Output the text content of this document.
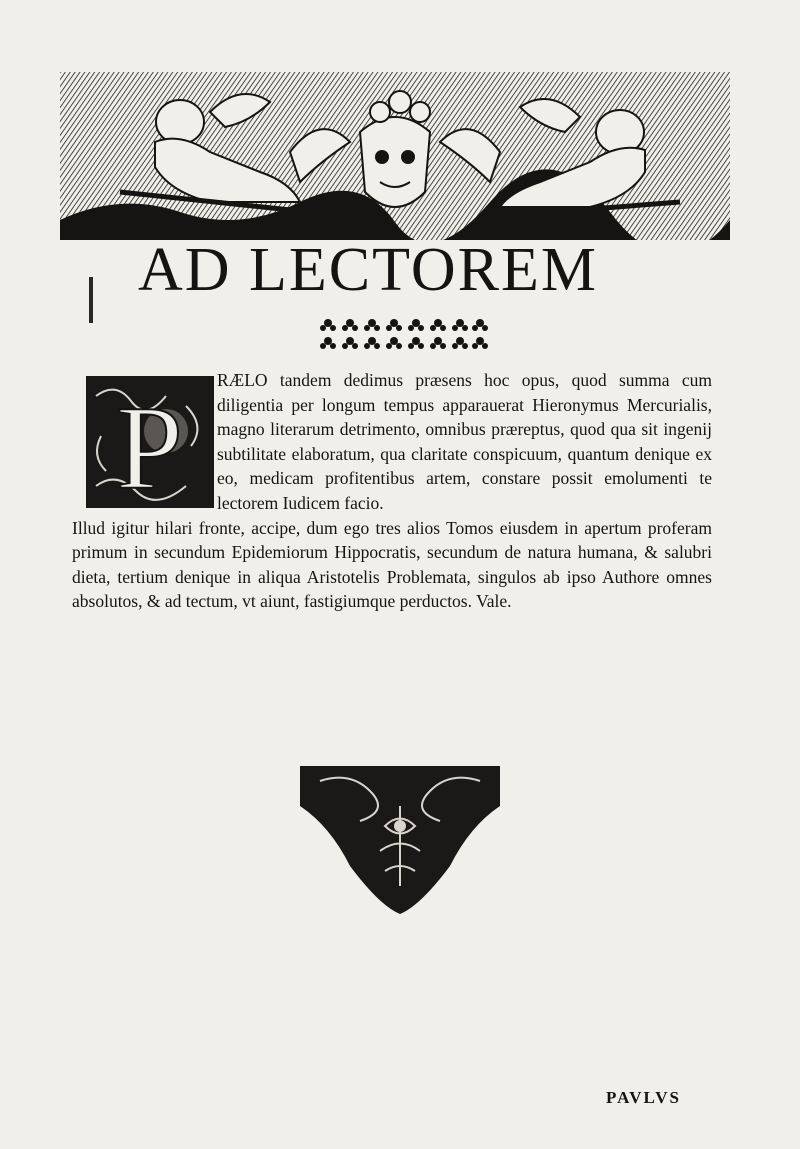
AD LECTOREM
P

RÆLO tandem dedimus præsens hoc opus, quod summa cum diligentia per longum tempus apparauerat Hieronymus Mercurialis, magno literarum detrimento, omnibus præreptus, quod qua sit ingenij subtilitate elaboratum, qua claritate conspicuum, quantum denique ex eo, medicam profitentibus artem, constare possit emolumenti te lectorem Iudicem facio.
Illud igitur hilari fronte, accipe, dum ego tres alios Tomos eiusdem in apertum proferam primum in secundum Epidemiorum Hippocratis, secundum de natura humana, & salubri dieta, tertium denique in aliqua Aristotelis Problemata, singulos ab ipso Authore omnes absolutos, & ad tectum, vt aiunt, fastigiumque perductos. Vale.

PAVLVS
